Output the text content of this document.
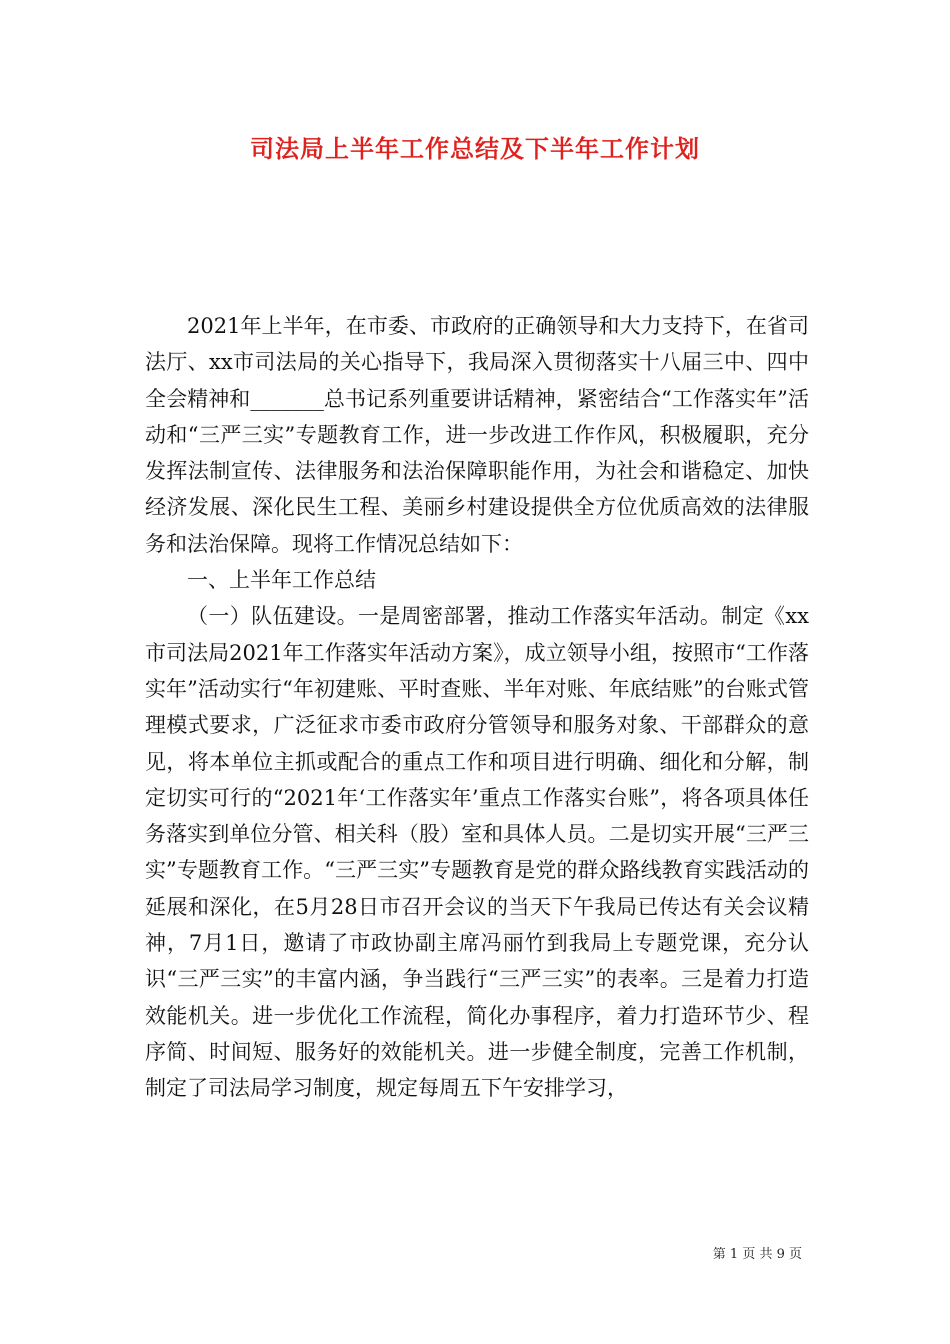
司法局上半年工作总结及下半年工作计划

2021年上半年，在市委、市政府的正确领导和大力支持下，在省司法厅、xx市司法局的关心指导下，我局深入贯彻落实十八届三中、四中全会精神和_______总书记系列重要讲话精神，紧密结合“工作落实年”活动和“三严三实”专题教育工作，进一步改进工作作风，积极履职，充分发挥法制宣传、法律服务和法治保障职能作用，为社会和谐稳定、加快经济发展、深化民生工程、美丽乡村建设提供全方位优质高效的法律服务和法治保障。现将工作情况总结如下：

一、上半年工作总结

（一）队伍建设。一是周密部署，推动工作落实年活动。制定《xx市司法局2021年工作落实年活动方案》，成立领导小组，按照市“工作落实年”活动实行“年初建账、平时查账、半年对账、年底结账”的台账式管理模式要求，广泛征求市委市政府分管领导和服务对象、干部群众的意见，将本单位主抓或配合的重点工作和项目进行明确、细化和分解，制定切实可行的“2021年‘工作落实年’重点工作落实台账”，将各项具体任务落实到单位分管、相关科（股）室和具体人员。二是切实开展“三严三实”专题教育工作。“三严三实”专题教育是党的群众路线教育实践活动的延展和深化，在5月28日市召开会议的当天下午我局已传达有关会议精神，7月1日，邀请了市政协副主席冯丽竹到我局上专题党课，充分认识“三严三实”的丰富内涵，争当践行“三严三实”的表率。三是着力打造效能机关。进一步优化工作流程，简化办事程序，着力打造环节少、程序简、时间短、服务好的效能机关。进一步健全制度，完善工作机制，制定了司法局学习制度，规定每周五下午安排学习，

第 1 页 共 9 页
